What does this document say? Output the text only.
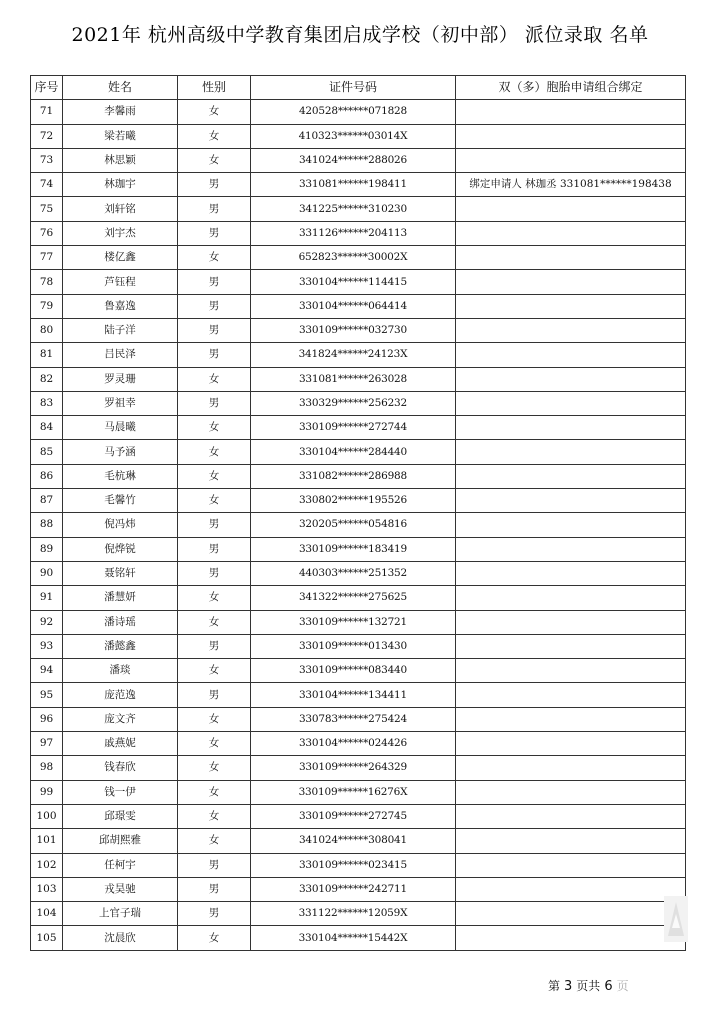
2021年 杭州高级中学教育集团启成学校（初中部） 派位录取 名单
序号	姓名	性别	证件号码	双（多）胞胎申请组合绑定
71	李馨雨	女	420528******071828	
72	梁若曦	女	410323******03014X	
73	林思颖	女	341024******288026	
74	林珈宇	男	331081******198411	绑定申请人 林珈丞 331081******198438
75	刘轩铭	男	341225******310230	
76	刘宇杰	男	331126******204113	
77	楼亿鑫	女	652823******30002X	
78	芦钰程	男	330104******114415	
79	鲁嘉逸	男	330104******064414	
80	陆子洋	男	330109******032730	
81	吕民泽	男	341824******24123X	
82	罗灵珊	女	331081******263028	
83	罗祖幸	男	330329******256232	
84	马晨曦	女	330109******272744	
85	马予涵	女	330104******284440	
86	毛杭琳	女	331082******286988	
87	毛馨竹	女	330802******195526	
88	倪冯炜	男	320205******054816	
89	倪烨锐	男	330109******183419	
90	聂铭轩	男	440303******251352	
91	潘慧妍	女	341322******275625	
92	潘诗瑶	女	330109******132721	
93	潘懿鑫	男	330109******013430	
94	潘琰	女	330109******083440	
95	庞范逸	男	330104******134411	
96	庞文齐	女	330783******275424	
97	戚燕妮	女	330104******024426	
98	钱春欣	女	330109******264329	
99	钱一伊	女	330109******16276X	
100	邱璟雯	女	330109******272745	
101	邱胡熙雅	女	341024******308041	
102	任柯宇	男	330109******023415	
103	戎昊驰	男	330109******242711	
104	上官子瑞	男	331122******12059X	
105	沈晨欣	女	330104******15442X	
第 3 页共 6 页
